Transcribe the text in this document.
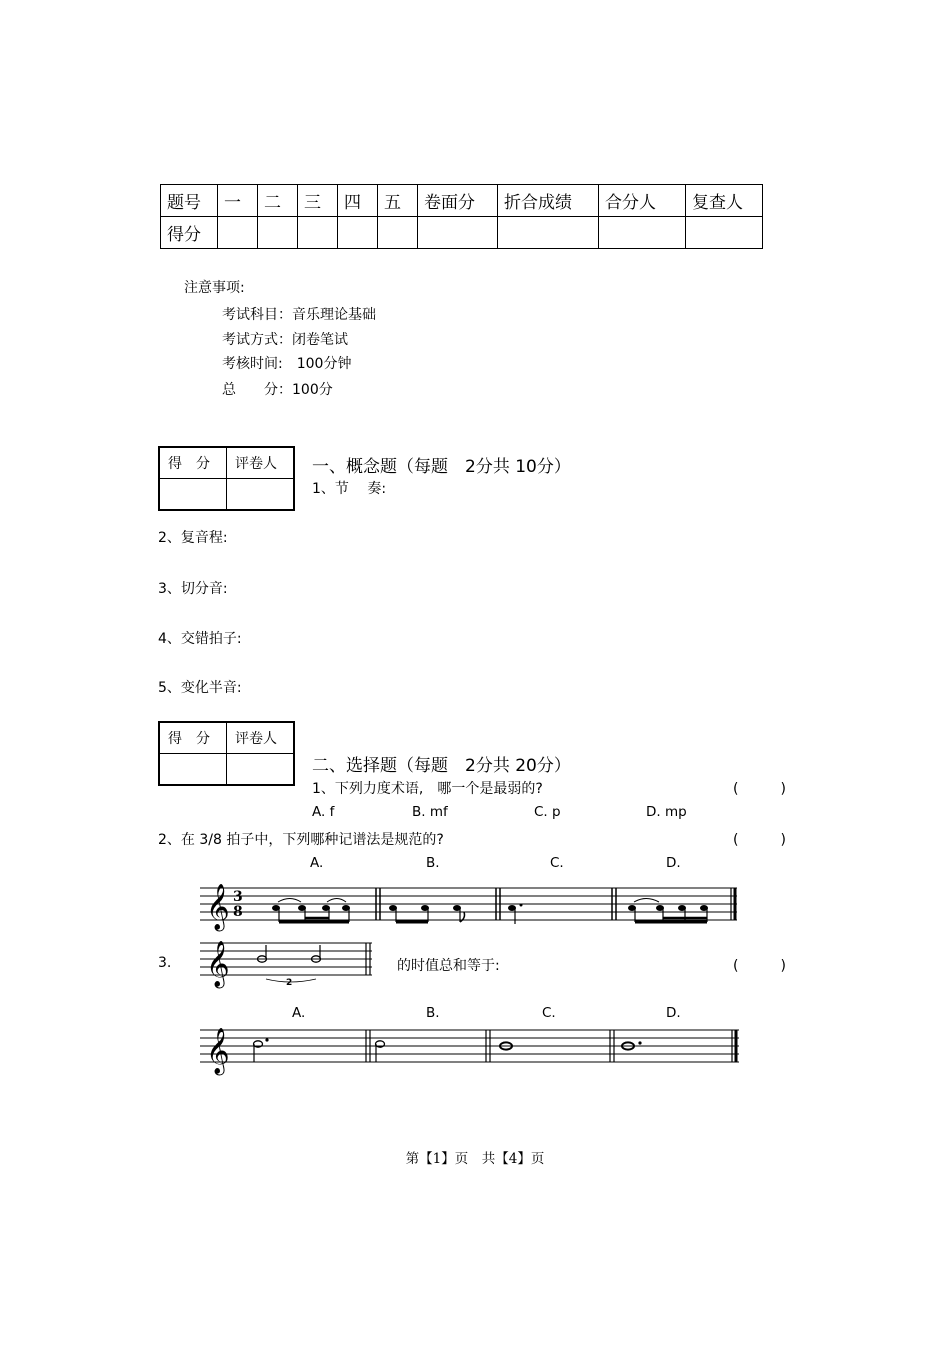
题号	一	二	三	四	五	卷面分	折合成绩	合分人	复查人
得分									
注意事项:
考试科目：音乐理论基础
考试方式：闭卷笔试
考核时间:　100分钟
总　　分：100分
得　分	评卷人
	一、概念题（每题　2分共 10分）
1、节　 奏:
2、复音程:
3、切分音:
4、交错拍子:
5、变化半音:
得　分	评卷人

二、选择题（每题　2分共 20分）
1、下列力度术语,　哪一个是最弱的?	(　　　)
A. f	B. mf	C. p	D. mp
2、在 3/8 拍子中，下列哪种记谱法是规范的?	(　　　)
A.	B.	C.	D.
𝄞 3
8
3. 𝄞	2
的时值总和等于:	(　　　)
A.	B.	C.	D.
𝄞
第【1】页　共【4】页
